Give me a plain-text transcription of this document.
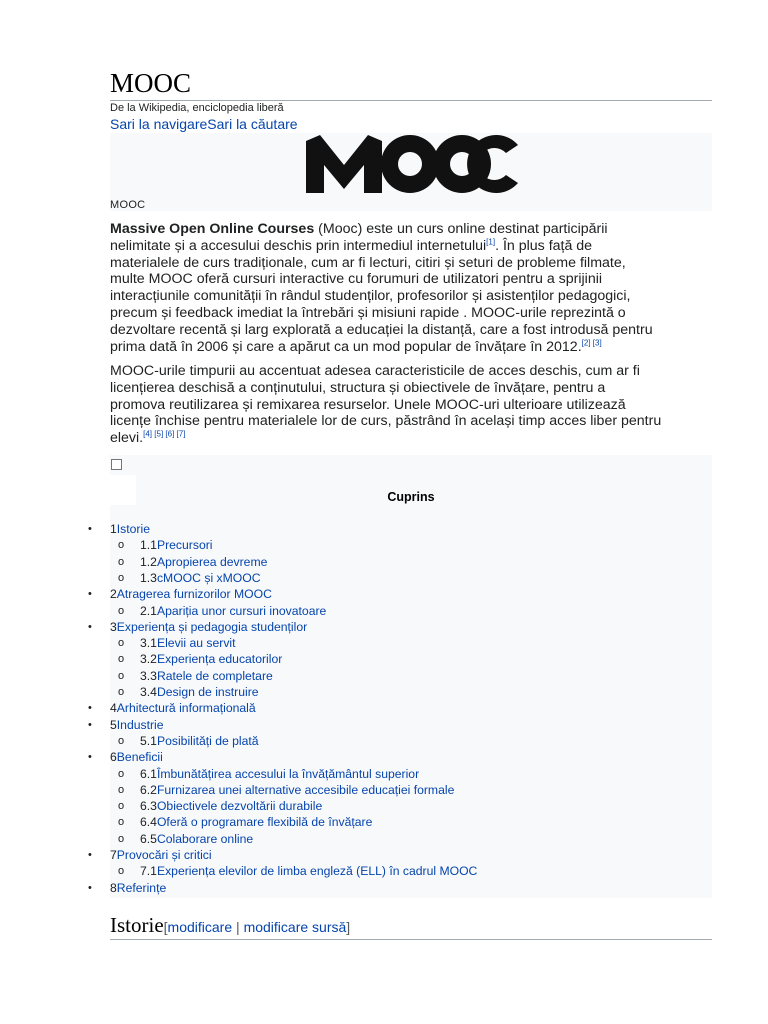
MOOC
De la Wikipedia, enciclopedia liberă
Sari la navigareSari la căutare
MOOC

Massive Open Online Courses (Mooc) este un curs online destinat participării
nelimitate și a accesului deschis prin intermediul internetului[1]. În plus față de
materialele de curs tradiționale, cum ar fi lecturi, citiri și seturi de probleme filmate,
multe MOOC oferă cursuri interactive cu forumuri de utilizatori pentru a sprijinii
interacțiunile comunității în rândul studenților, profesorilor și asistenților pedagogici,
precum și feedback imediat la întrebări și misiuni rapide . MOOC-urile reprezintă o
dezvoltare recentă și larg explorată a educației la distanță, care a fost introdusă pentru
prima dată în 2006 și care a apărut ca un mod popular de învățare în 2012.[2] [3]

MOOC-urile timpurii au accentuat adesea caracteristicile de acces deschis, cum ar fi
licențierea deschisă a conținutului, structura și obiectivele de învățare, pentru a
promova reutilizarea și remixarea resurselor. Unele MOOC-uri ulterioare utilizează
licențe închise pentru materialele lor de curs, păstrând în același timp acces liber pentru
elevi.[4] [5] [6] [7]

Cuprins
• 1Istorie
o 1.1Precursori
o 1.2Apropierea devreme
o 1.3cMOOC și xMOOC
• 2Atragerea furnizorilor MOOC
o 2.1Apariția unor cursuri inovatoare
• 3Experiența și pedagogia studenților
o 3.1Elevii au servit
o 3.2Experiența educatorilor
o 3.3Ratele de completare
o 3.4Design de instruire
• 4Arhitectură informațională
• 5Industrie
o 5.1Posibilități de plată
• 6Beneficii
o 6.1Îmbunătățirea accesului la învățământul superior
o 6.2Furnizarea unei alternative accesibile educației formale
o 6.3Obiectivele dezvoltării durabile
o 6.4Oferă o programare flexibilă de învățare
o 6.5Colaborare online
• 7Provocări și critici
o 7.1Experiența elevilor de limba engleză (ELL) în cadrul MOOC
• 8Referințe
Istorie[modificare | modificare sursă]
